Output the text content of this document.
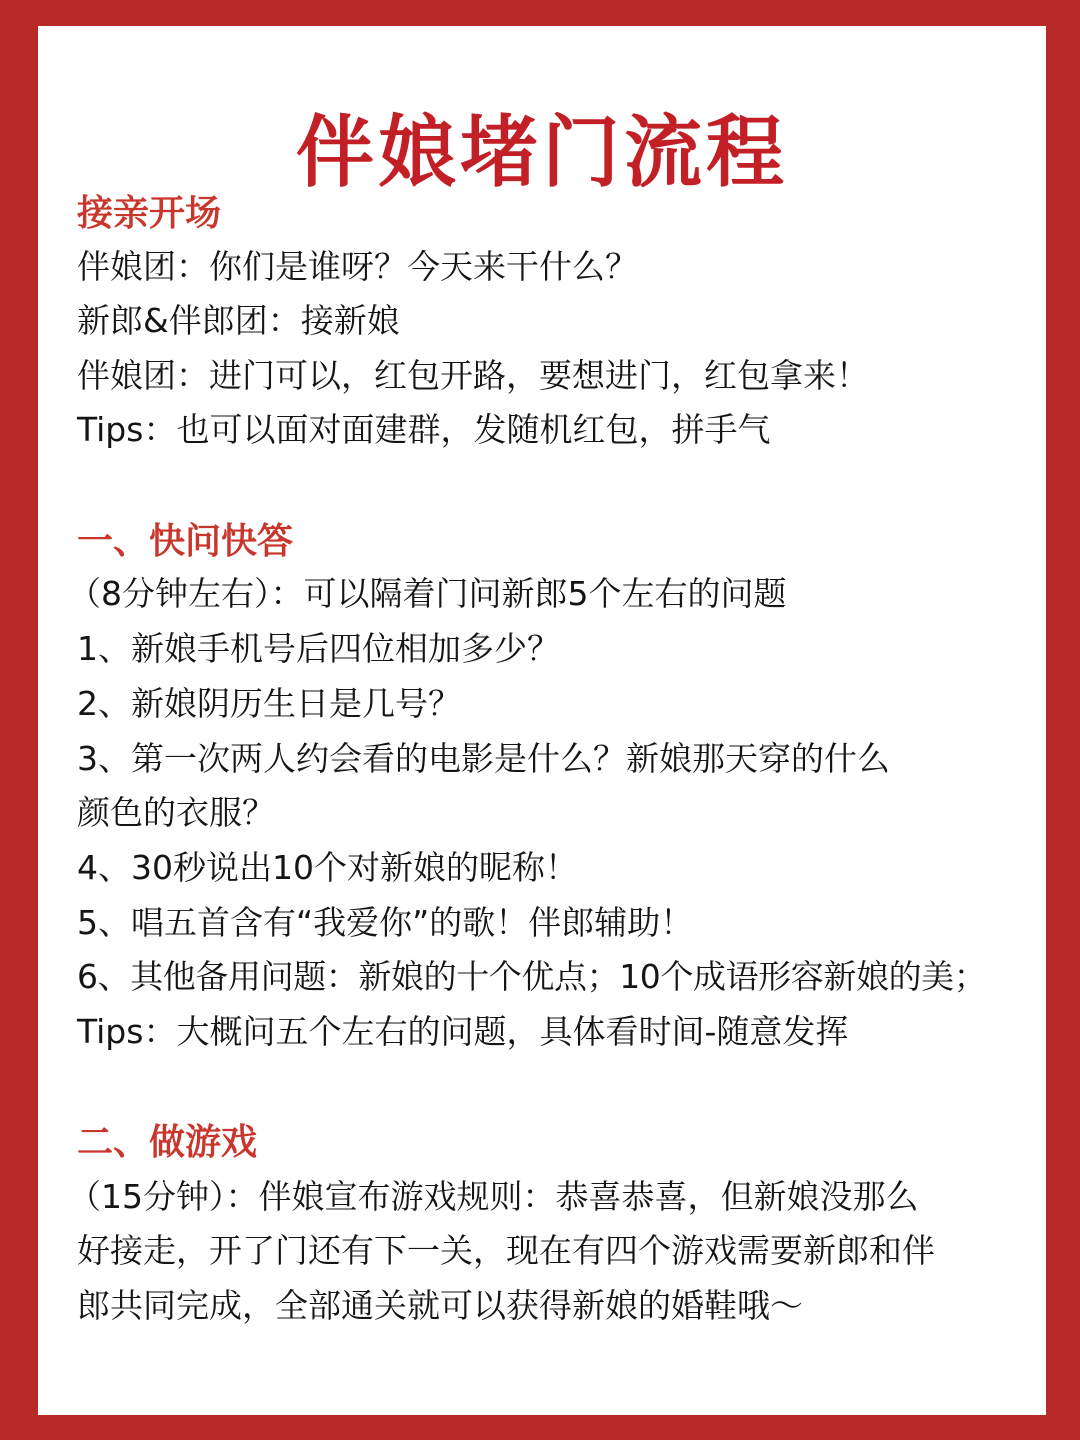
伴娘堵门流程
接亲开场
伴娘团：你们是谁呀？今天来干什么？
新郎&伴郎团：接新娘
伴娘团：进门可以，红包开路，要想进门，红包拿来！
Tips：也可以面对面建群，发随机红包，拼手气
一、快问快答
（8分钟左右）：可以隔着门问新郎5个左右的问题
1、新娘手机号后四位相加多少？
2、新娘阴历生日是几号？
3、第一次两人约会看的电影是什么？新娘那天穿的什么
颜色的衣服？
4、30秒说出10个对新娘的昵称！
5、唱五首含有“我爱你”的歌！伴郎辅助！
6、其他备用问题：新娘的十个优点；10个成语形容新娘的美；
Tips：大概问五个左右的问题，具体看时间-随意发挥
二、做游戏
（15分钟）：伴娘宣布游戏规则：恭喜恭喜，但新娘没那么
好接走，开了门还有下一关，现在有四个游戏需要新郎和伴
郎共同完成，全部通关就可以获得新娘的婚鞋哦～
